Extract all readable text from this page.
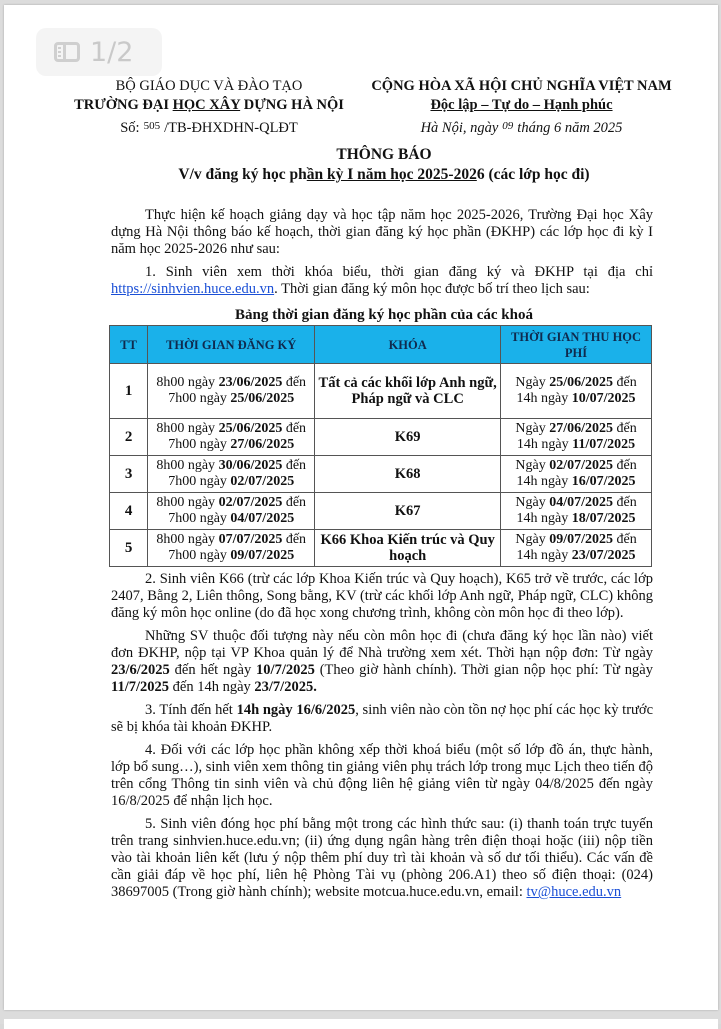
BỘ GIÁO DỤC VÀ ĐÀO TẠO
TRƯỜNG ĐẠI HỌC XÂY DỰNG HÀ NỘI
Số: $^{505}$ /TB-ĐHXDHN-QLĐT
CỘNG HÒA XÃ HỘI CHỦ NGHĨA VIỆT NAM
Độc lập – Tự do – Hạnh phúc
Hà Nội, ngày $^{09}$ tháng 6 năm 2025
THÔNG BÁO
V/v đăng ký học phần kỳ I năm học 2025-2026 (các lớp học đi)

Thực hiện kế hoạch giảng dạy và học tập năm học 2025-2026, Trường Đại học Xây dựng Hà Nội thông báo kế hoạch, thời gian đăng ký học phần (ĐKHP) các lớp học đi kỳ I năm học 2025-2026 như sau:

1. Sinh viên xem thời khóa biểu, thời gian đăng ký và ĐKHP tại địa chỉ https://sinhvien.huce.edu.vn. Thời gian đăng ký môn học được bố trí theo lịch sau:

Bảng thời gian đăng ký học phần của các khoá
TT	THỜI GIAN ĐĂNG KÝ	KHÓA	THỜI GIAN THU HỌC PHÍ
1	8h00 ngày 23/06/2025 đến
7h00 ngày 25/06/2025	Tất cả các khối lớp Anh ngữ, Pháp ngữ và CLC	Ngày 25/06/2025 đến
14h ngày 10/07/2025
2	8h00 ngày 25/06/2025 đến
7h00 ngày 27/06/2025	K69	Ngày 27/06/2025 đến
14h ngày 11/07/2025
3	8h00 ngày 30/06/2025 đến
7h00 ngày 02/07/2025	K68	Ngày 02/07/2025 đến
14h ngày 16/07/2025
4	8h00 ngày 02/07/2025 đến
7h00 ngày 04/07/2025	K67	Ngày 04/07/2025 đến
14h ngày 18/07/2025
5	8h00 ngày 07/07/2025 đến
7h00 ngày 09/07/2025	K66 Khoa Kiến trúc và Quy hoạch	Ngày 09/07/2025 đến
14h ngày 23/07/2025

2. Sinh viên K66 (trừ các lớp Khoa Kiến trúc và Quy hoạch), K65 trở về trước, các lớp 2407, Bằng 2, Liên thông, Song bằng, KV (trừ các khối lớp Anh ngữ, Pháp ngữ, CLC) không đăng ký môn học online (do đã học xong chương trình, không còn môn học đi theo lớp).

Những SV thuộc đối tượng này nếu còn môn học đi (chưa đăng ký học lần nào) viết đơn ĐKHP, nộp tại VP Khoa quản lý để Nhà trường xem xét. Thời hạn nộp đơn: Từ ngày 23/6/2025 đến hết ngày 10/7/2025 (Theo giờ hành chính). Thời gian nộp học phí: Từ ngày 11/7/2025 đến 14h ngày 23/7/2025.

3. Tính đến hết 14h ngày 16/6/2025, sinh viên nào còn tồn nợ học phí các học kỳ trước sẽ bị khóa tài khoản ĐKHP.

4. Đối với các lớp học phần không xếp thời khoá biểu (một số lớp đồ án, thực hành, lớp bổ sung…), sinh viên xem thông tin giảng viên phụ trách lớp trong mục Lịch theo tiến độ trên cổng Thông tin sinh viên và chủ động liên hệ giảng viên từ ngày 04/8/2025 đến ngày 16/8/2025 để nhận lịch học.

5. Sinh viên đóng học phí bằng một trong các hình thức sau: (i) thanh toán trực tuyến trên trang sinhvien.huce.edu.vn; (ii) ứng dụng ngân hàng trên điện thoại hoặc (iii) nộp tiền vào tài khoản liên kết (lưu ý nộp thêm phí duy trì tài khoản và số dư tối thiểu). Các vấn đề cần giải đáp về học phí, liên hệ Phòng Tài vụ (phòng 206.A1) theo số điện thoại: (024) 38697005 (Trong giờ hành chính); website motcua.huce.edu.vn, email: tv@huce.edu.vn

1/2
